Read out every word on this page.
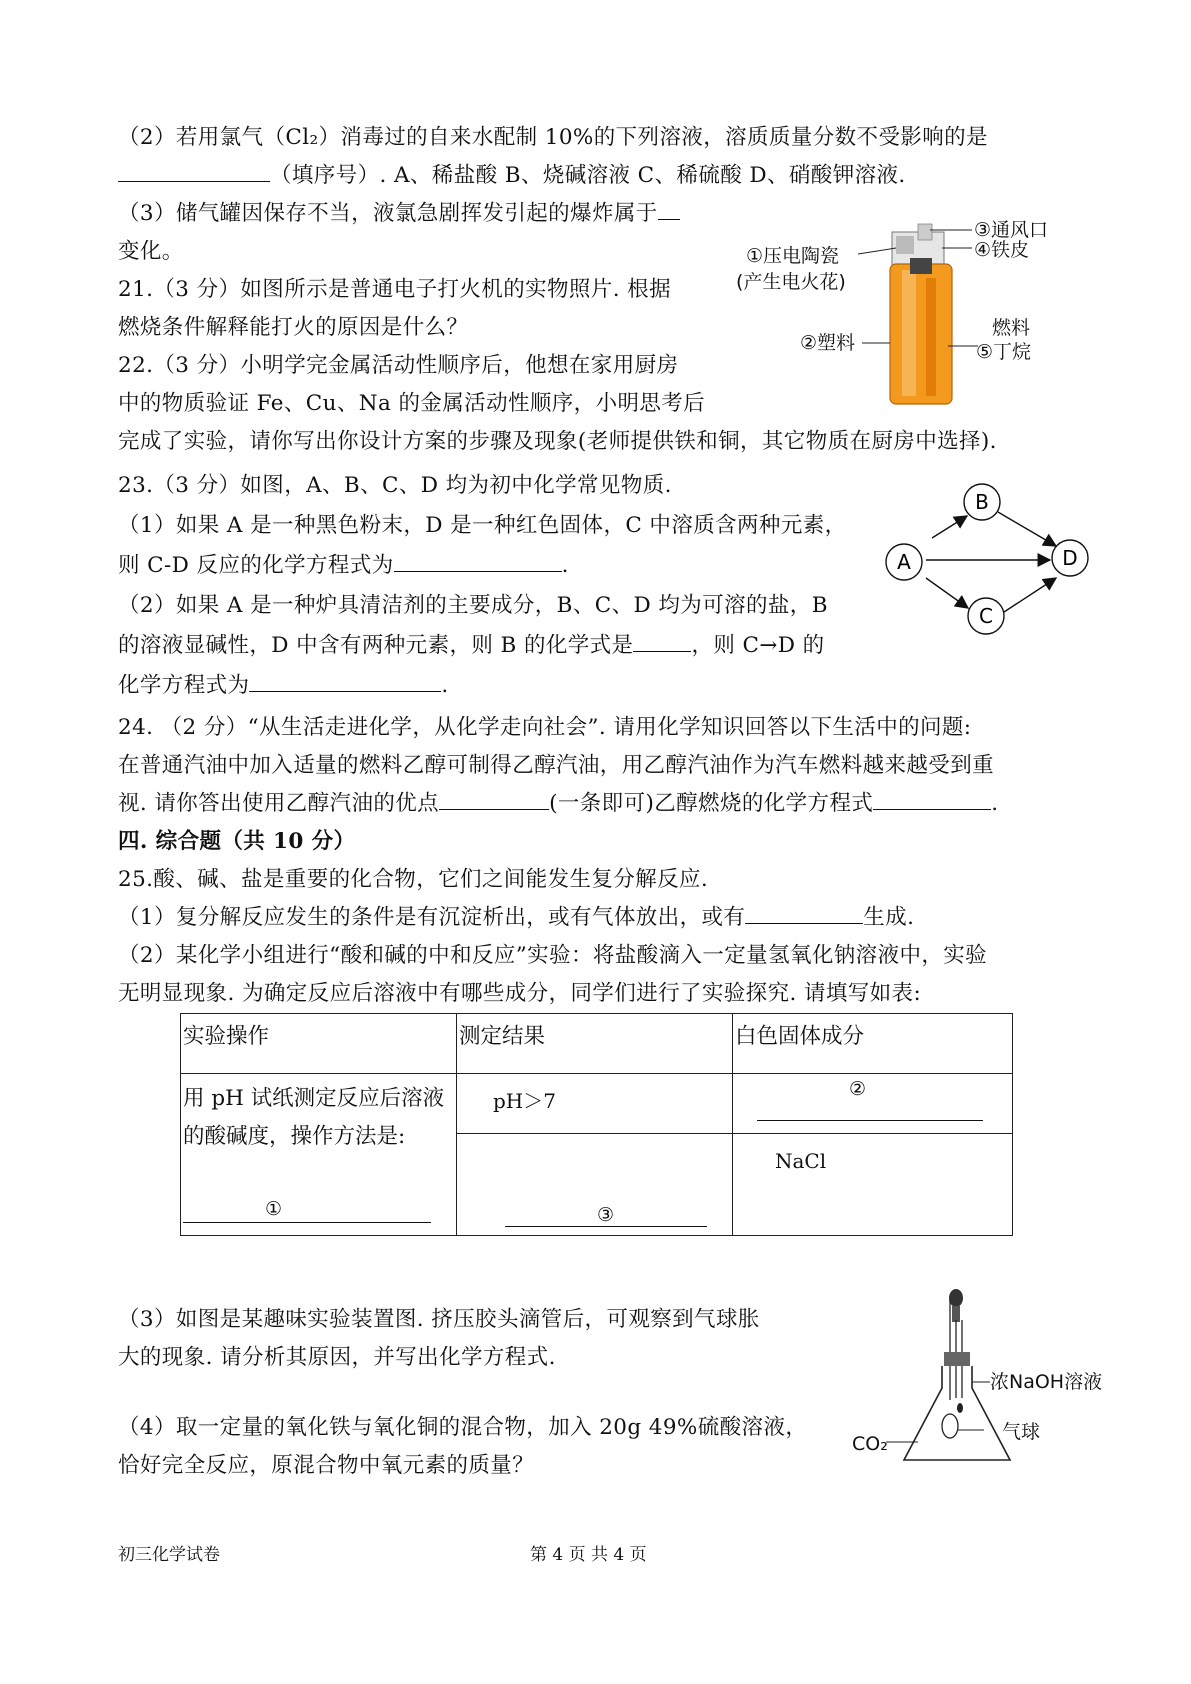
（2）若用氯气（Cl₂）消毒过的自来水配制 10%的下列溶液，溶质质量分数不受影响的是
（填序号）. A、稀盐酸 B、烧碱溶液 C、稀硫酸 D、硝酸钾溶液.
（3）储气罐因保存不当，液氯急剧挥发引起的爆炸属于
变化。
21.（3 分）如图所示是普通电子打火机的实物照片. 根据
燃烧条件解释能打火的原因是什么？
22.（3 分）小明学完金属活动性顺序后，他想在家用厨房
中的物质验证 Fe、Cu、Na 的金属活动性顺序，小明思考后
完成了实验，请你写出你设计方案的步骤及现象(老师提供铁和铜，其它物质在厨房中选择).
③通风口
④铁皮
①压电陶瓷
(产生电火花)
②塑料
燃料
⑤丁烷
23.（3 分）如图，A、B、C、D 均为初中化学常见物质.
（1）如果 A 是一种黑色粉末，D 是一种红色固体，C 中溶质含两种元素，
则 C-D 反应的化学方程式为	.
（2）如果 A 是一种炉具清洁剂的主要成分，B、C、D 均为可溶的盐，B
的溶液显碱性，D 中含有两种元素，则 B 的化学式是	，则 C→D 的
化学方程式为	.
A
B
C
D
24. （2 分）“从生活走进化学，从化学走向社会”. 请用化学知识回答以下生活中的问题:
在普通汽油中加入适量的燃料乙醇可制得乙醇汽油，用乙醇汽油作为汽车燃料越来越受到重
视. 请你答出使用乙醇汽油的优点	(一条即可)乙醇燃烧的化学方程式	.
四. 综合题（共 10 分）
25.酸、碱、盐是重要的化合物，它们之间能发生复分解反应.
（1）复分解反应发生的条件是有沉淀析出，或有气体放出，或有	生成.
（2）某化学小组进行“酸和碱的中和反应”实验：将盐酸滴入一定量氢氧化钠溶液中，实验
无明显现象. 为确定反应后溶液中有哪些成分，同学们进行了实验探究. 请填写如表:
实验操作	测定结果	白色固体成分

用 pH 试纸测定反应后溶液
的酸碱度，操作方法是:
①	pH＞7	②

	③	NaCl
（3）如图是某趣味实验装置图. 挤压胶头滴管后，可观察到气球胀
大的现象. 请分析其原因，并写出化学方程式.
（4）取一定量的氧化铁与氧化铜的混合物，加入 20g 49%硫酸溶液，
恰好完全反应，原混合物中氧元素的质量？
浓NaOH溶液
气球
CO₂
初三化学试卷	第 4 页 共 4 页
